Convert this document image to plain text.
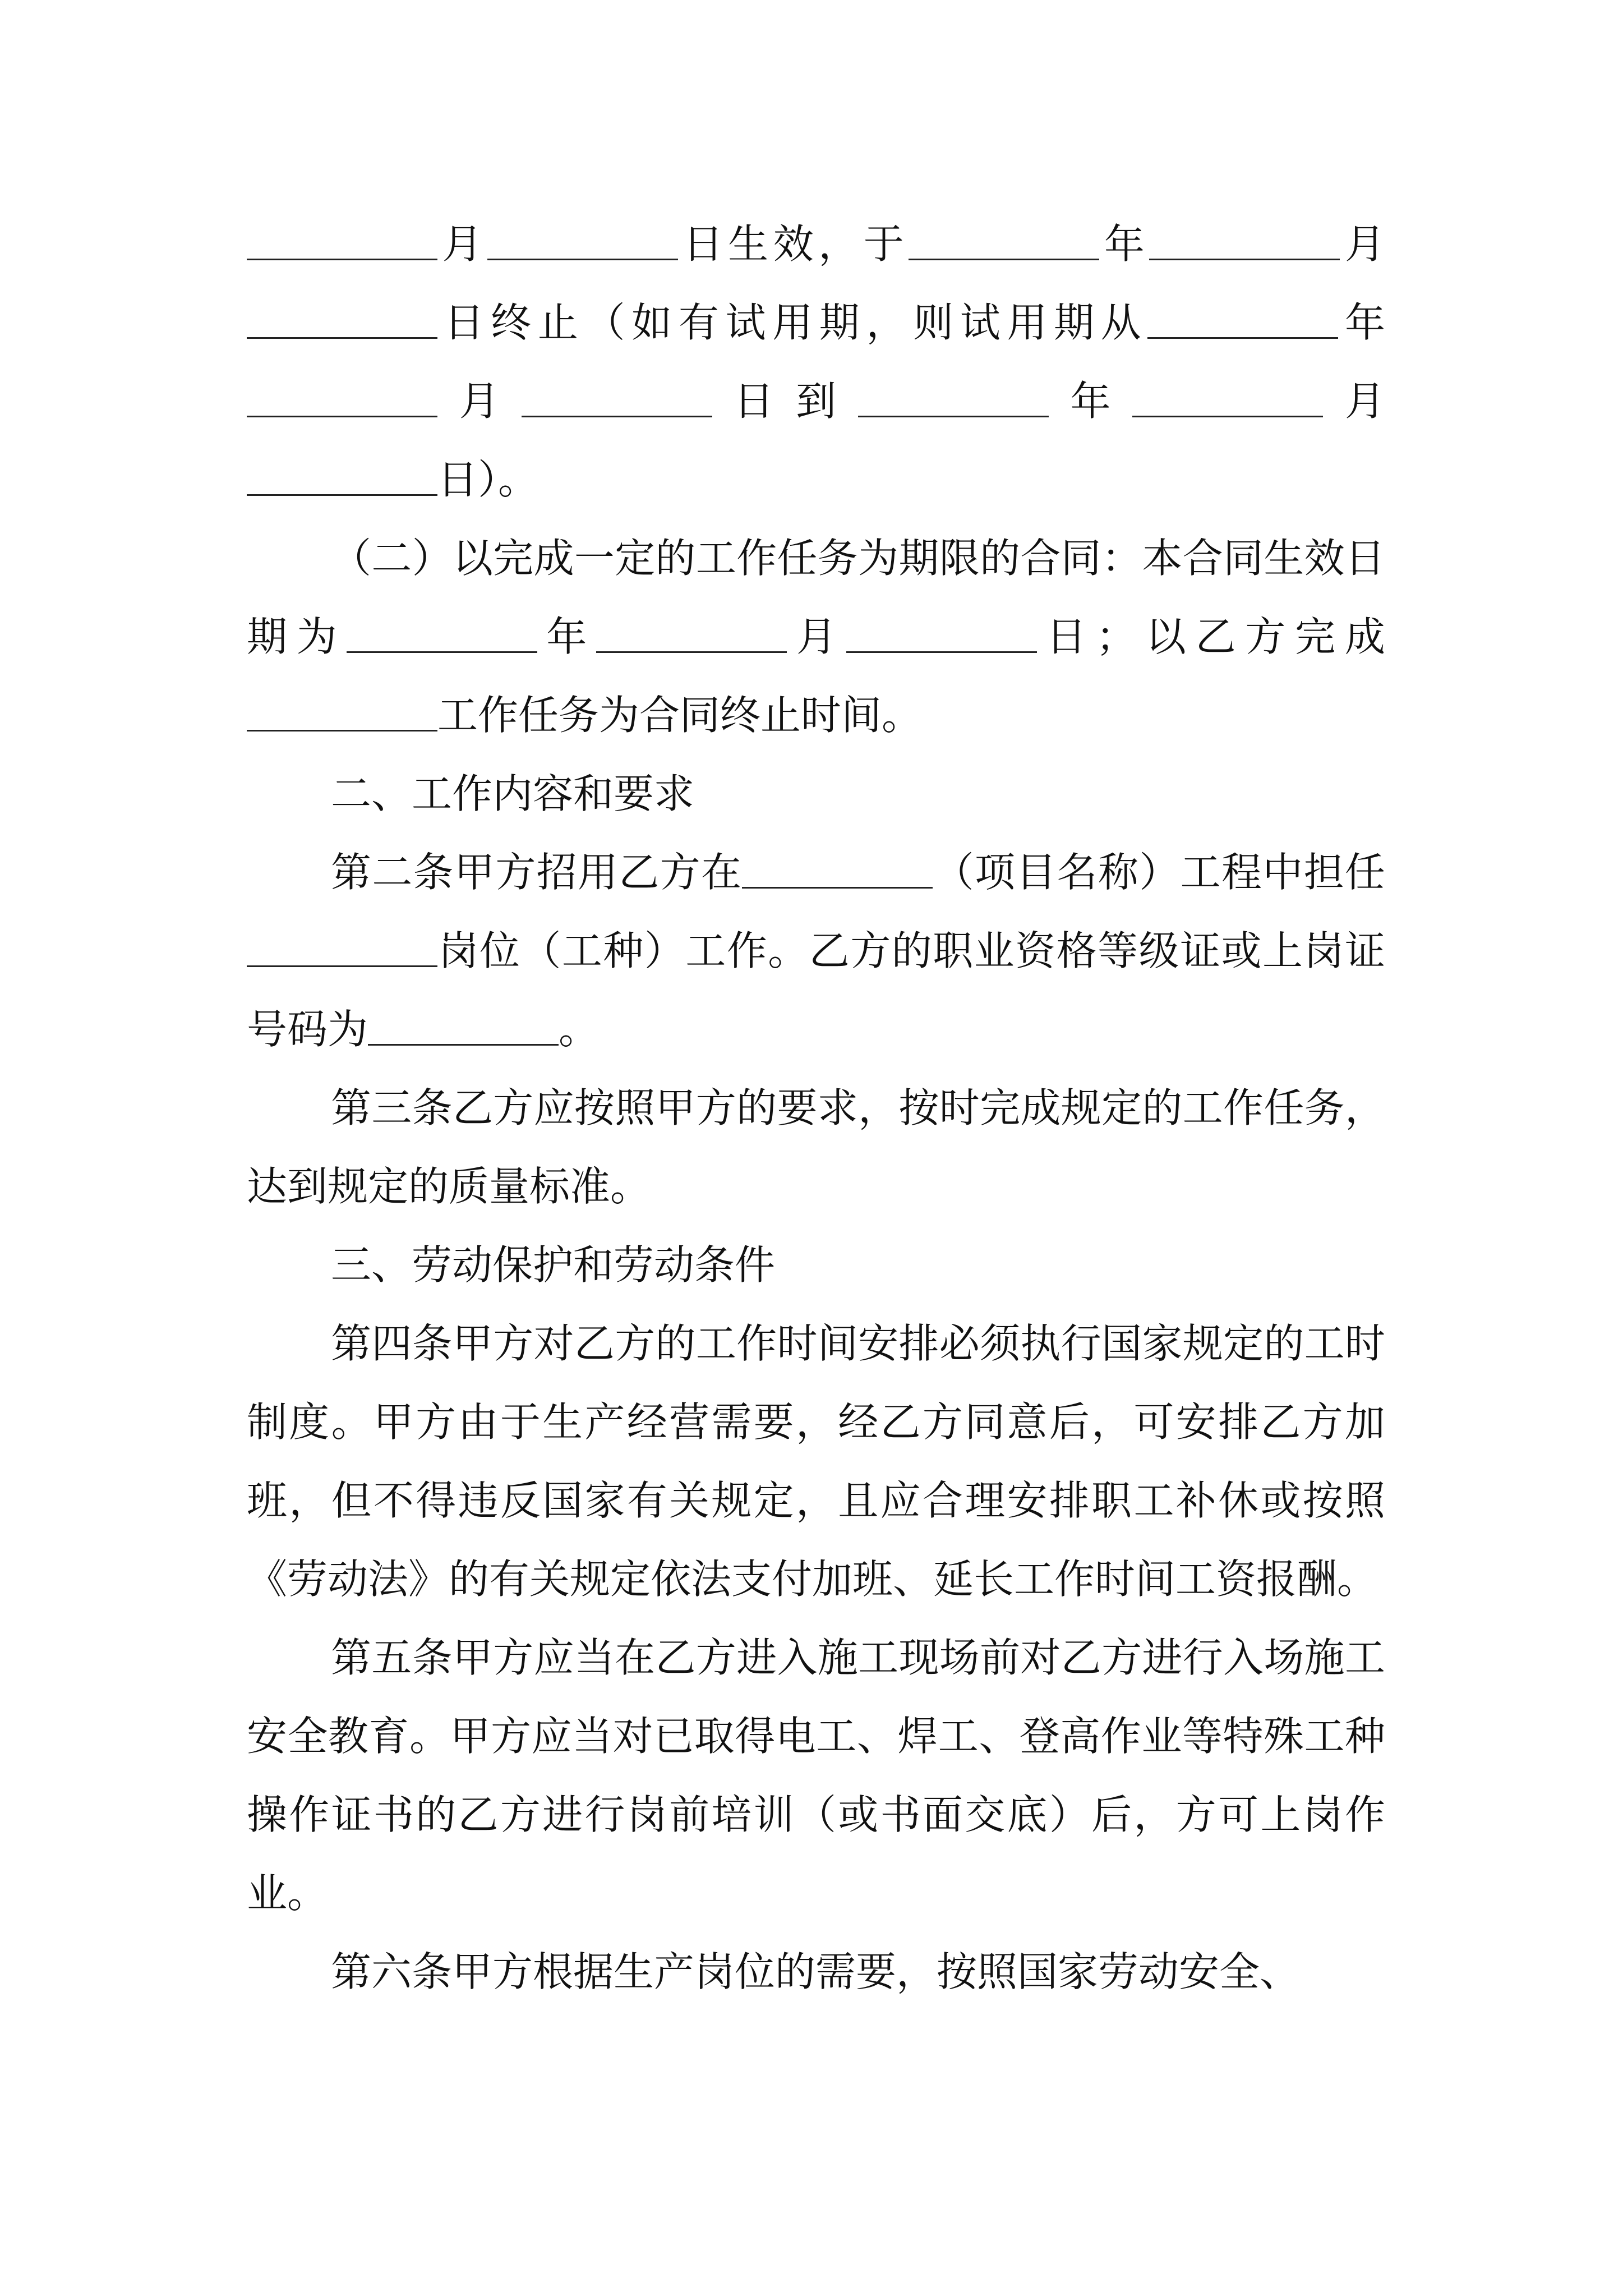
月	日生效，于	年	月日终止（如有试用期，则试用期从	年月	日到	年	月日）。

（二）以完成一定的工作任务为期限的合同：本合同生效日期为	年	月	日；以乙方完成工作任务为合同终止时间。

二、工作内容和要求

第二条甲方招用乙方在	（项目名称）工程中担任岗位（工种）工作。乙方的职业资格等级证或上岗证号码为	。

第三条乙方应按照甲方的要求，按时完成规定的工作任务，达到规定的质量标准。

三、劳动保护和劳动条件

第四条甲方对乙方的工作时间安排必须执行国家规定的工时制度。甲方由于生产经营需要，经乙方同意后，可安排乙方加班，但不得违反国家有关规定，且应合理安排职工补休或按照《劳动法》的有关规定依法支付加班、延长工作时间工资报酬。

第五条甲方应当在乙方进入施工现场前对乙方进行入场施工安全教育。甲方应当对已取得电工、焊工、登高作业等特殊工种操作证书的乙方进行岗前培训（或书面交底）后，方可上岗作业。

第六条甲方根据生产岗位的需要，按照国家劳动安全、
